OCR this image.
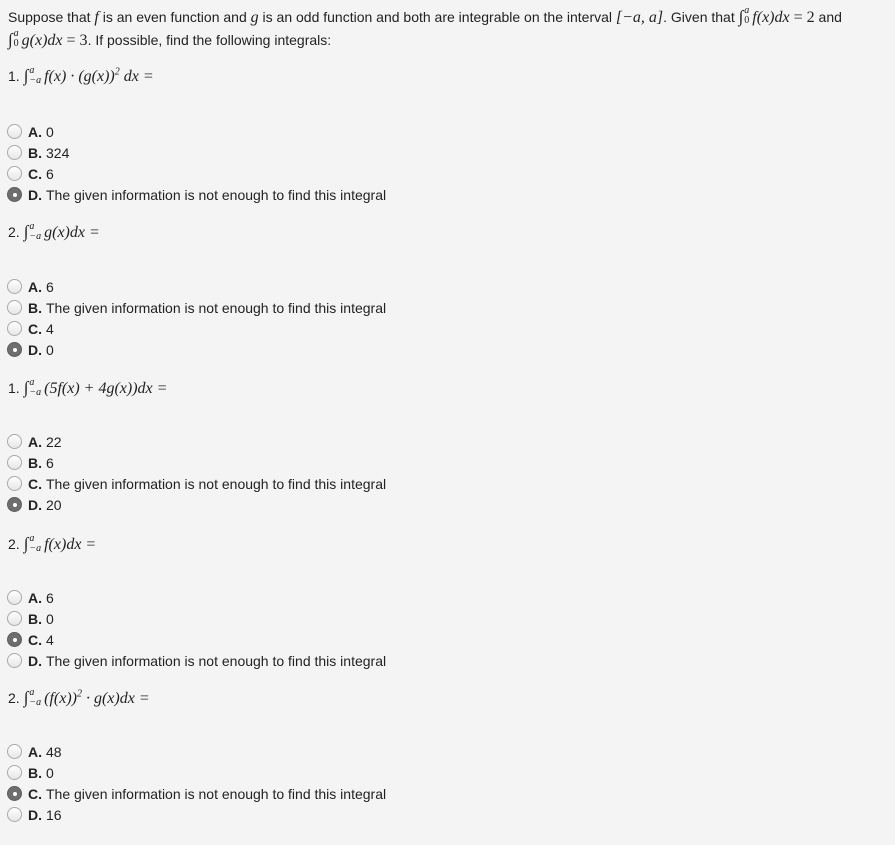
Suppose that f is an even function and g is an odd function and both are integrable on the interval [−a, a]. Given that ∫ a
0 f(x)dx = 2 and
∫ a
0 g(x)dx = 3. If possible, find the following integrals:
1. ∫ a
−a $f(x) \cdot (g(x))^2$ dx =
A. 0
B. 324
C. 6
D. The given information is not enough to find this integral
2. ∫ a
−a g(x)dx =
A. 6
B. The given information is not enough to find this integral
C. 4
D. 0
1. ∫ a
−a (5f(x) + 4g(x))dx =
A. 22
B. 6
C. The given information is not enough to find this integral
D. 20
2. ∫ a
−a f(x)dx =
A. 6
B. 0
C. 4
D. The given information is not enough to find this integral
2. ∫ a
−a $(f(x))^2 \cdot g(x)dx$ =
A. 48
B. 0
C. The given information is not enough to find this integral
D. 16
